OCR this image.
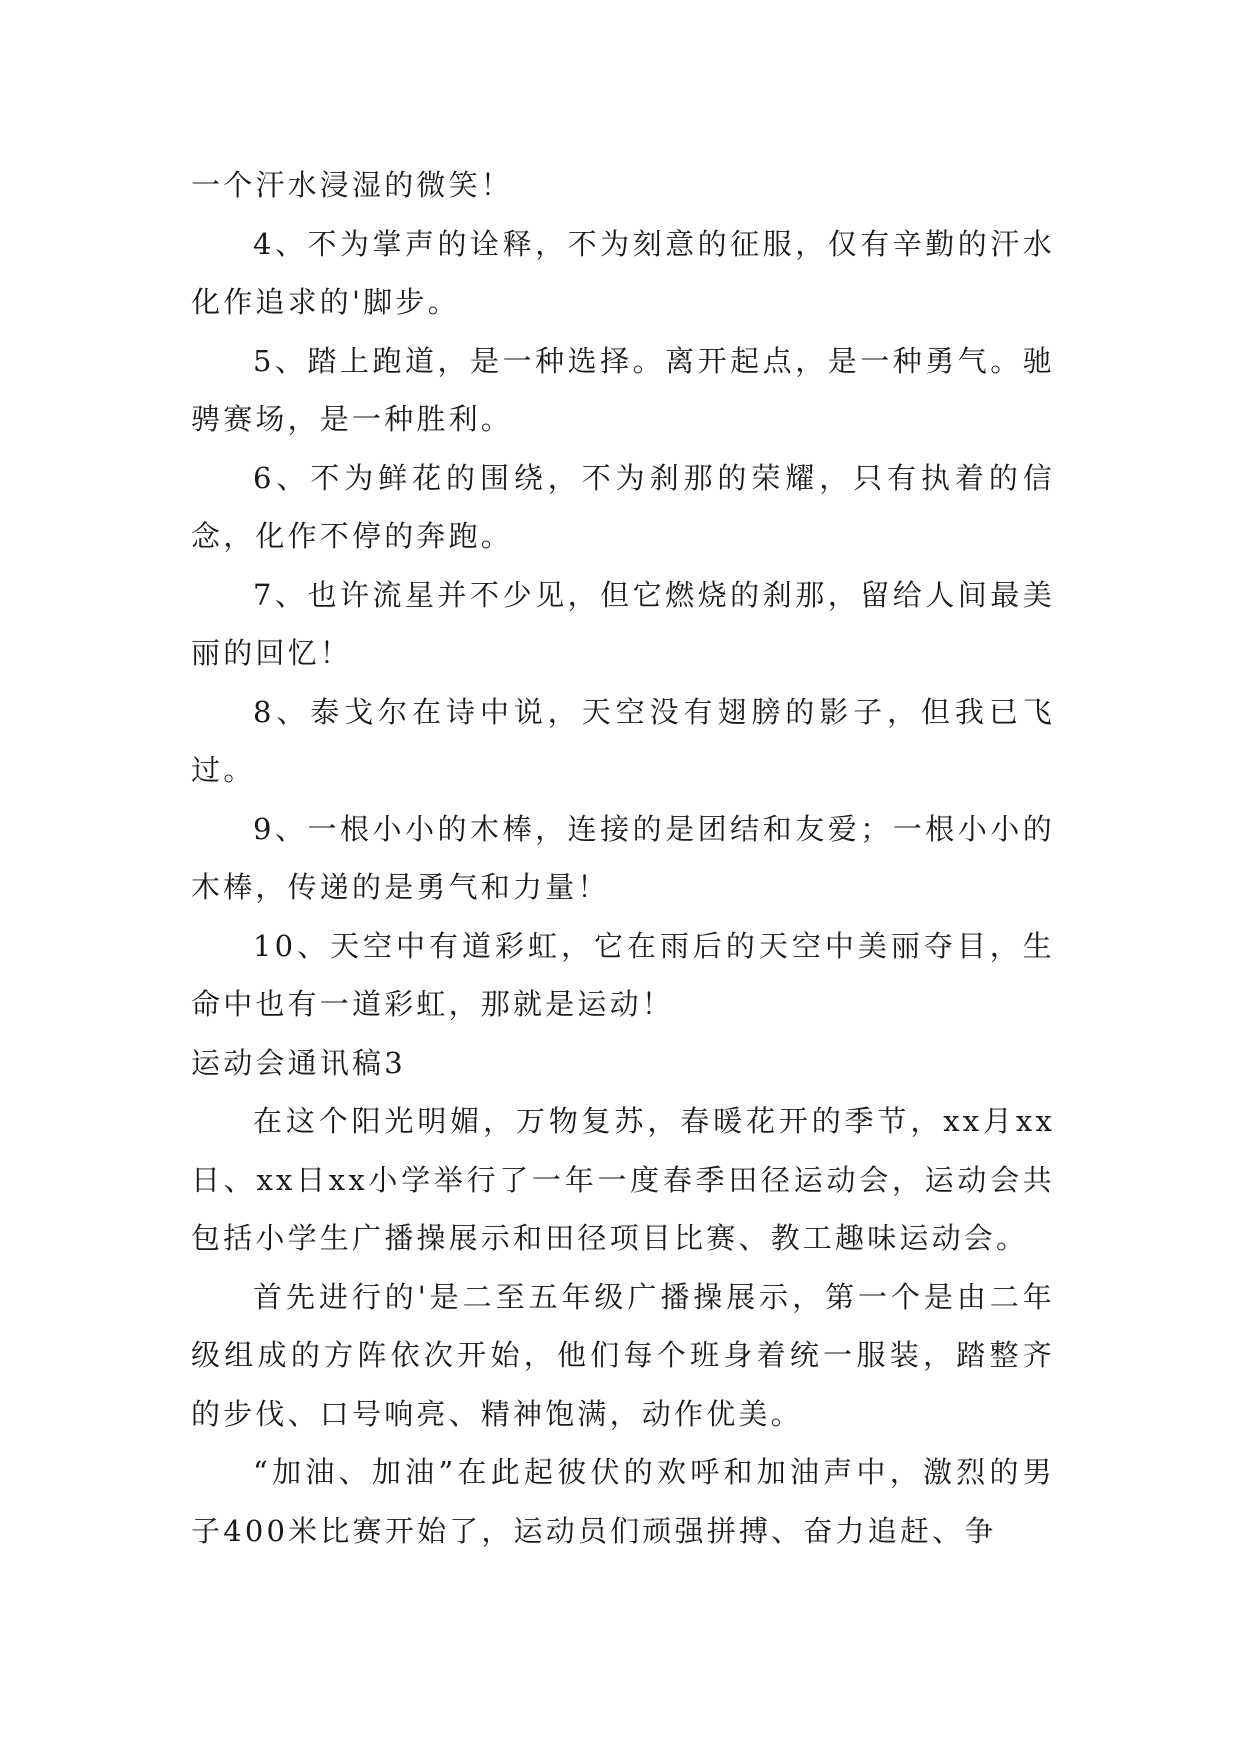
一个汗水浸湿的微笑！

4、不为掌声的诠释，不为刻意的征服，仅有辛勤的汗水化作追求的'脚步。

5、踏上跑道，是一种选择。离开起点，是一种勇气。驰骋赛场，是一种胜利。

6、不为鲜花的围绕，不为刹那的荣耀，只有执着的信念，化作不停的奔跑。

7、也许流星并不少见，但它燃烧的刹那，留给人间最美丽的回忆！

8、泰戈尔在诗中说，天空没有翅膀的影子，但我已飞过。

9、一根小小的木棒，连接的是团结和友爱；一根小小的木棒，传递的是勇气和力量！

10、天空中有道彩虹，它在雨后的天空中美丽夺目，生命中也有一道彩虹，那就是运动！

运动会通讯稿3

在这个阳光明媚，万物复苏，春暖花开的季节，xx月xx日、xx日xx小学举行了一年一度春季田径运动会，运动会共包括小学生广播操展示和田径项目比赛、教工趣味运动会。

首先进行的'是二至五年级广播操展示，第一个是由二年级组成的方阵依次开始，他们每个班身着统一服装，踏整齐的步伐、口号响亮、精神饱满，动作优美。

“加油、加油”在此起彼伏的欢呼和加油声中，激烈的男子400米比赛开始了，运动员们顽强拼搏、奋力追赶、争
